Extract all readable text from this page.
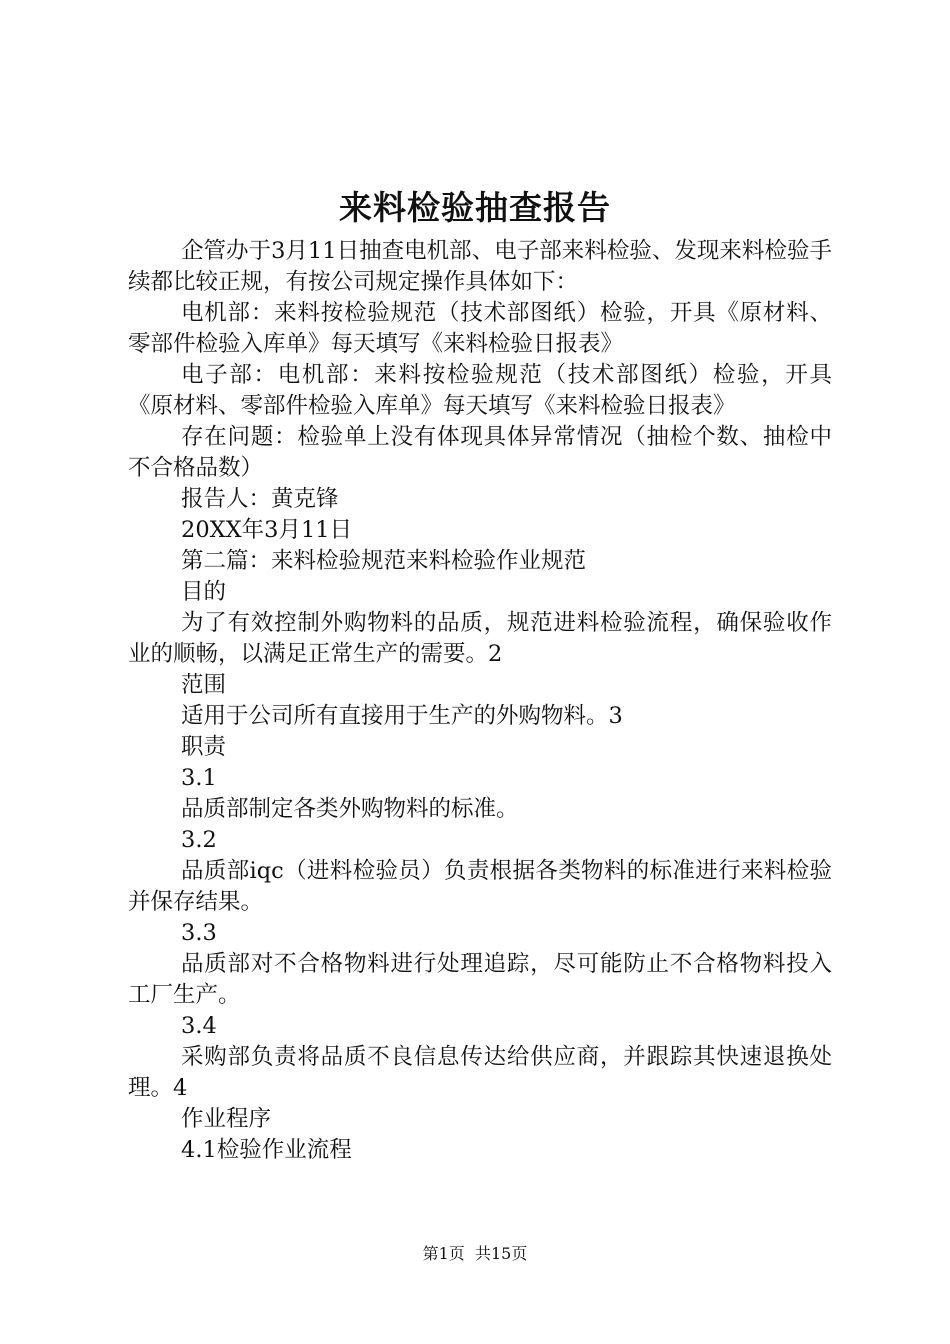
来料检验抽查报告

企管办于3月11日抽查电机部、电子部来料检验、发现来料检验手续都比较正规，有按公司规定操作具体如下：

电机部：来料按检验规范（技术部图纸）检验，开具《原材料、零部件检验入库单》每天填写《来料检验日报表》

电子部：电机部：来料按检验规范（技术部图纸）检验，开具《原材料、零部件检验入库单》每天填写《来料检验日报表》

存在问题：检验单上没有体现具体异常情况（抽检个数、抽检中不合格品数）

报告人：黄克锋

20XX年3月11日

第二篇：来料检验规范来料检验作业规范

目的

为了有效控制外购物料的品质，规范进料检验流程，确保验收作业的顺畅，以满足正常生产的需要。2

范围

适用于公司所有直接用于生产的外购物料。3

职责

3.1

品质部制定各类外购物料的标准。

3.2

品质部iqc（进料检验员）负责根据各类物料的标准进行来料检验并保存结果。

3.3

品质部对不合格物料进行处理追踪，尽可能防止不合格物料投入工厂生产。

3.4

采购部负责将品质不良信息传达给供应商，并跟踪其快速退换处理。4

作业程序

4.1检验作业流程

第1页 共15页
